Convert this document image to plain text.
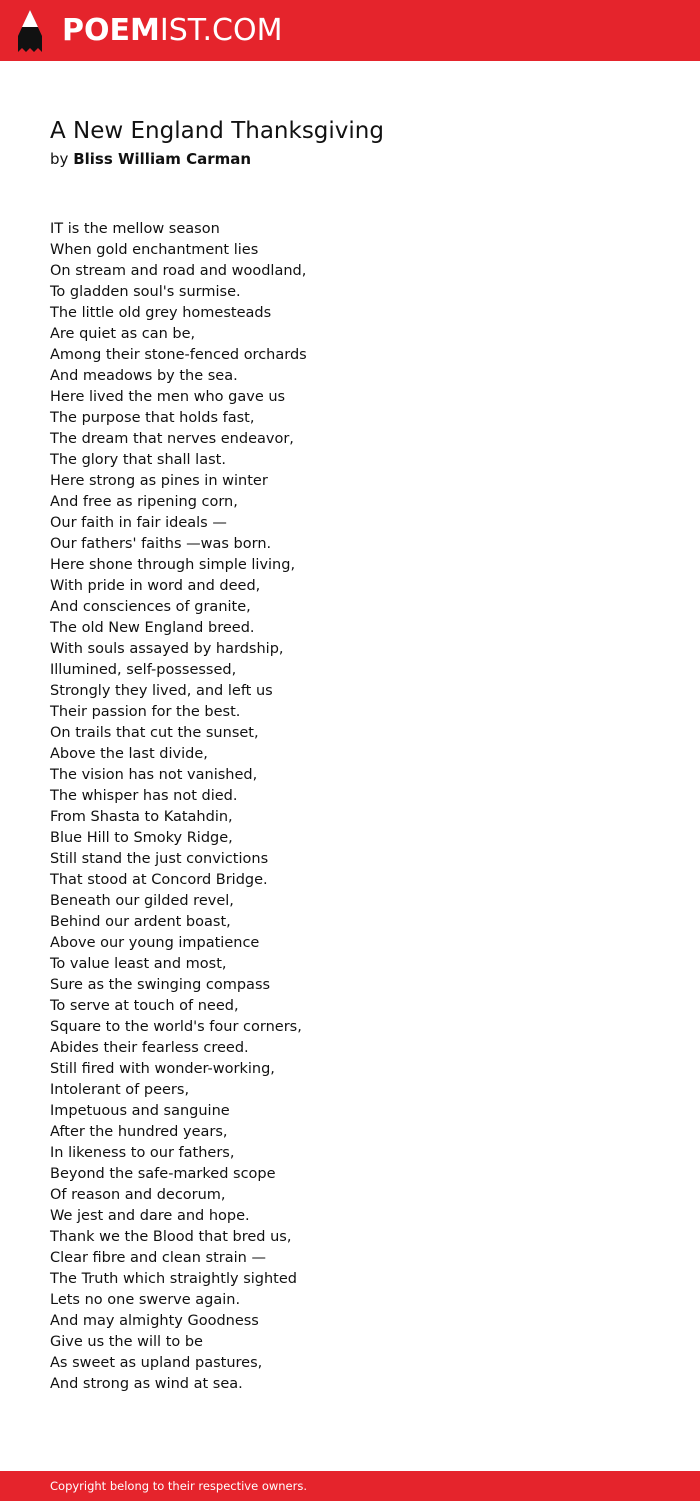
POEMIST.COM
A New England Thanksgiving
by Bliss William Carman
IT is the mellow season
When gold enchantment lies
On stream and road and woodland,
To gladden soul's surmise.
The little old grey homesteads
Are quiet as can be,
Among their stone-fenced orchards
And meadows by the sea.
Here lived the men who gave us
The purpose that holds fast,
The dream that nerves endeavor,
The glory that shall last.
Here strong as pines in winter
And free as ripening corn,
Our faith in fair ideals —
Our fathers' faiths —was born.
Here shone through simple living,
With pride in word and deed,
And consciences of granite,
The old New England breed.
With souls assayed by hardship,
Illumined, self-possessed,
Strongly they lived, and left us
Their passion for the best.
On trails that cut the sunset,
Above the last divide,
The vision has not vanished,
The whisper has not died.
From Shasta to Katahdin,
Blue Hill to Smoky Ridge,
Still stand the just convictions
That stood at Concord Bridge.
Beneath our gilded revel,
Behind our ardent boast,
Above our young impatience
To value least and most,
Sure as the swinging compass
To serve at touch of need,
Square to the world's four corners,
Abides their fearless creed.
Still fired with wonder-working,
Intolerant of peers,
Impetuous and sanguine
After the hundred years,
In likeness to our fathers,
Beyond the safe-marked scope
Of reason and decorum,
We jest and dare and hope.
Thank we the Blood that bred us,
Clear fibre and clean strain —
The Truth which straightly sighted
Lets no one swerve again.
And may almighty Goodness
Give us the will to be
As sweet as upland pastures,
And strong as wind at sea.
Copyright belong to their respective owners.
